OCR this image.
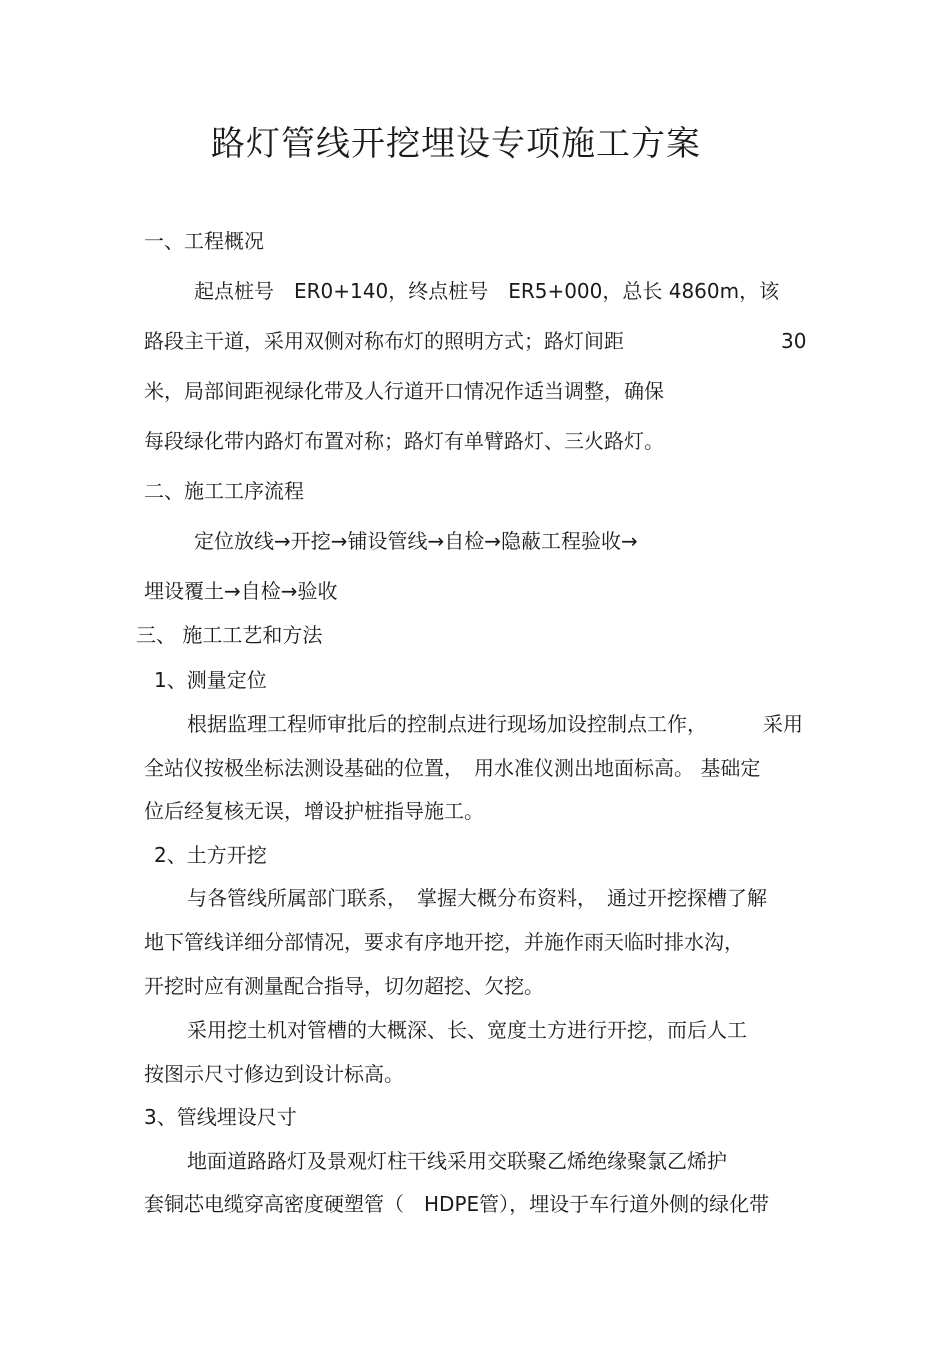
路灯管线开挖埋设专项施工方案

一、工程概况

起点桩号　ER0+140，终点桩号　ER5+000，总长 4860m，该

路段主干道，采用双侧对称布灯的照明方式；路灯间距	30

米，局部间距视绿化带及人行道开口情况作适当调整，确保

每段绿化带内路灯布置对称；路灯有单臂路灯、三火路灯。

二、施工工序流程

定位放线→开挖→铺设管线→自检→隐蔽工程验收→

埋设覆土→自检→验收

三、 施工工艺和方法

1、测量定位

根据监理工程师审批后的控制点进行现场加设控制点工作，	采用

全站仪按极坐标法测设基础的位置，　用水准仪测出地面标高。 基础定

位后经复核无误，增设护桩指导施工。

2、土方开挖

与各管线所属部门联系，　掌握大概分布资料，　通过开挖探槽了解

地下管线详细分部情况，要求有序地开挖，并施作雨天临时排水沟，

开挖时应有测量配合指导，切勿超挖、欠挖。

采用挖土机对管槽的大概深、长、宽度土方进行开挖，而后人工

按图示尺寸修边到设计标高。

3、管线埋设尺寸

地面道路路灯及景观灯柱干线采用交联聚乙烯绝缘聚氯乙烯护

套铜芯电缆穿高密度硬塑管（　HDPE管），埋设于车行道外侧的绿化带
